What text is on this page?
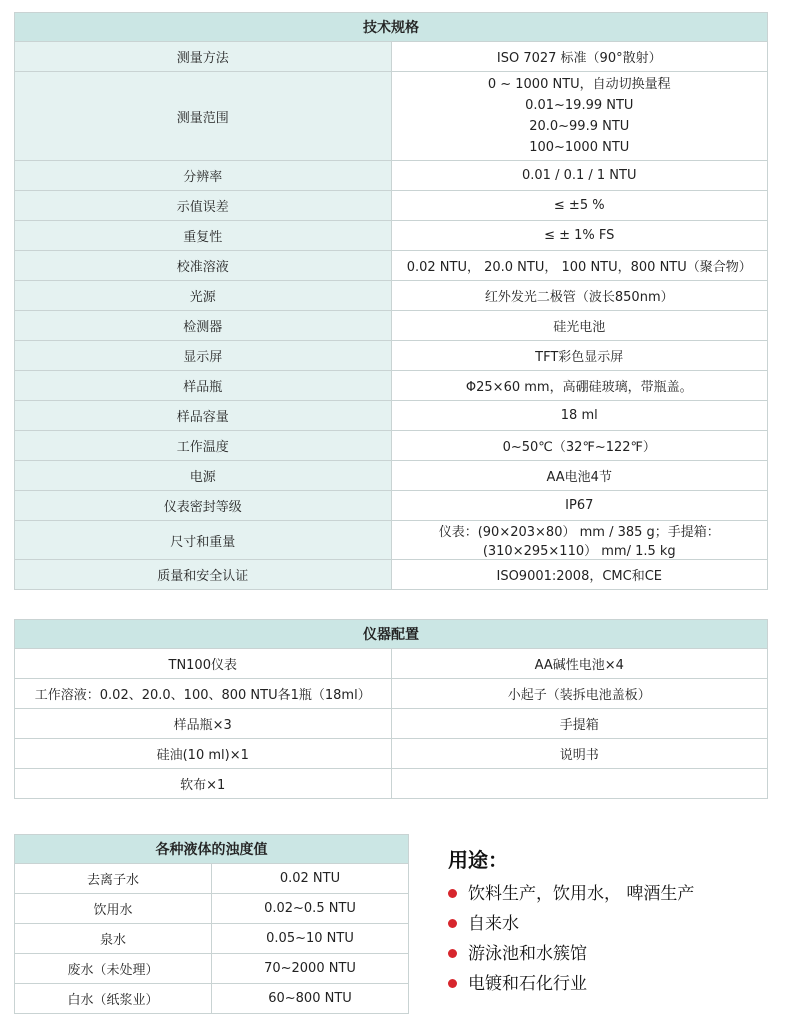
技术规格	
测量方法	ISO 7027 标准（90°散射）
测量范围	0 ~ 1000 NTU，自动切换量程
0.01~19.99 NTU
20.0~99.9 NTU
100~1000 NTU

分辨率	0.01 / 0.1 / 1 NTU
示值误差	≤ ±5 %
重复性	≤ ± 1% FS
校准溶液	0.02 NTU， 20.0 NTU， 100 NTU，800 NTU（聚合物）
光源	红外发光二极管（波长850nm）
检测器	硅光电池
显示屏	TFT彩色显示屏
样品瓶	Φ25×60 mm，高硼硅玻璃，带瓶盖。
样品容量	18 ml
工作温度	0~50℃（32℉~122℉）
电源	AA电池4节
仪表密封等级	IP67
尺寸和重量	仪表：(90×203×80） mm / 385 g；手提箱：(310×295×110） mm/ 1.5 kg
质量和安全认证	ISO9001:2008，CMC和CE
仪器配置	
TN100仪表	AA碱性电池×4
工作溶液：0.02、20.0、100、800 NTU各1瓶（18ml）	小起子（装拆电池盖板）
样品瓶×3	手提箱
硅油(10 ml)×1	说明书
软布×1	
各种液体的浊度值	
去离子水	0.02 NTU
饮用水	0.02~0.5 NTU
泉水	0.05~10 NTU
废水（未处理）	70~2000 NTU
白水（纸浆业）	60~800 NTU
用途：
饮料生产，饮用水， 啤酒生产
自来水
游泳池和水簇馆
电镀和石化行业
